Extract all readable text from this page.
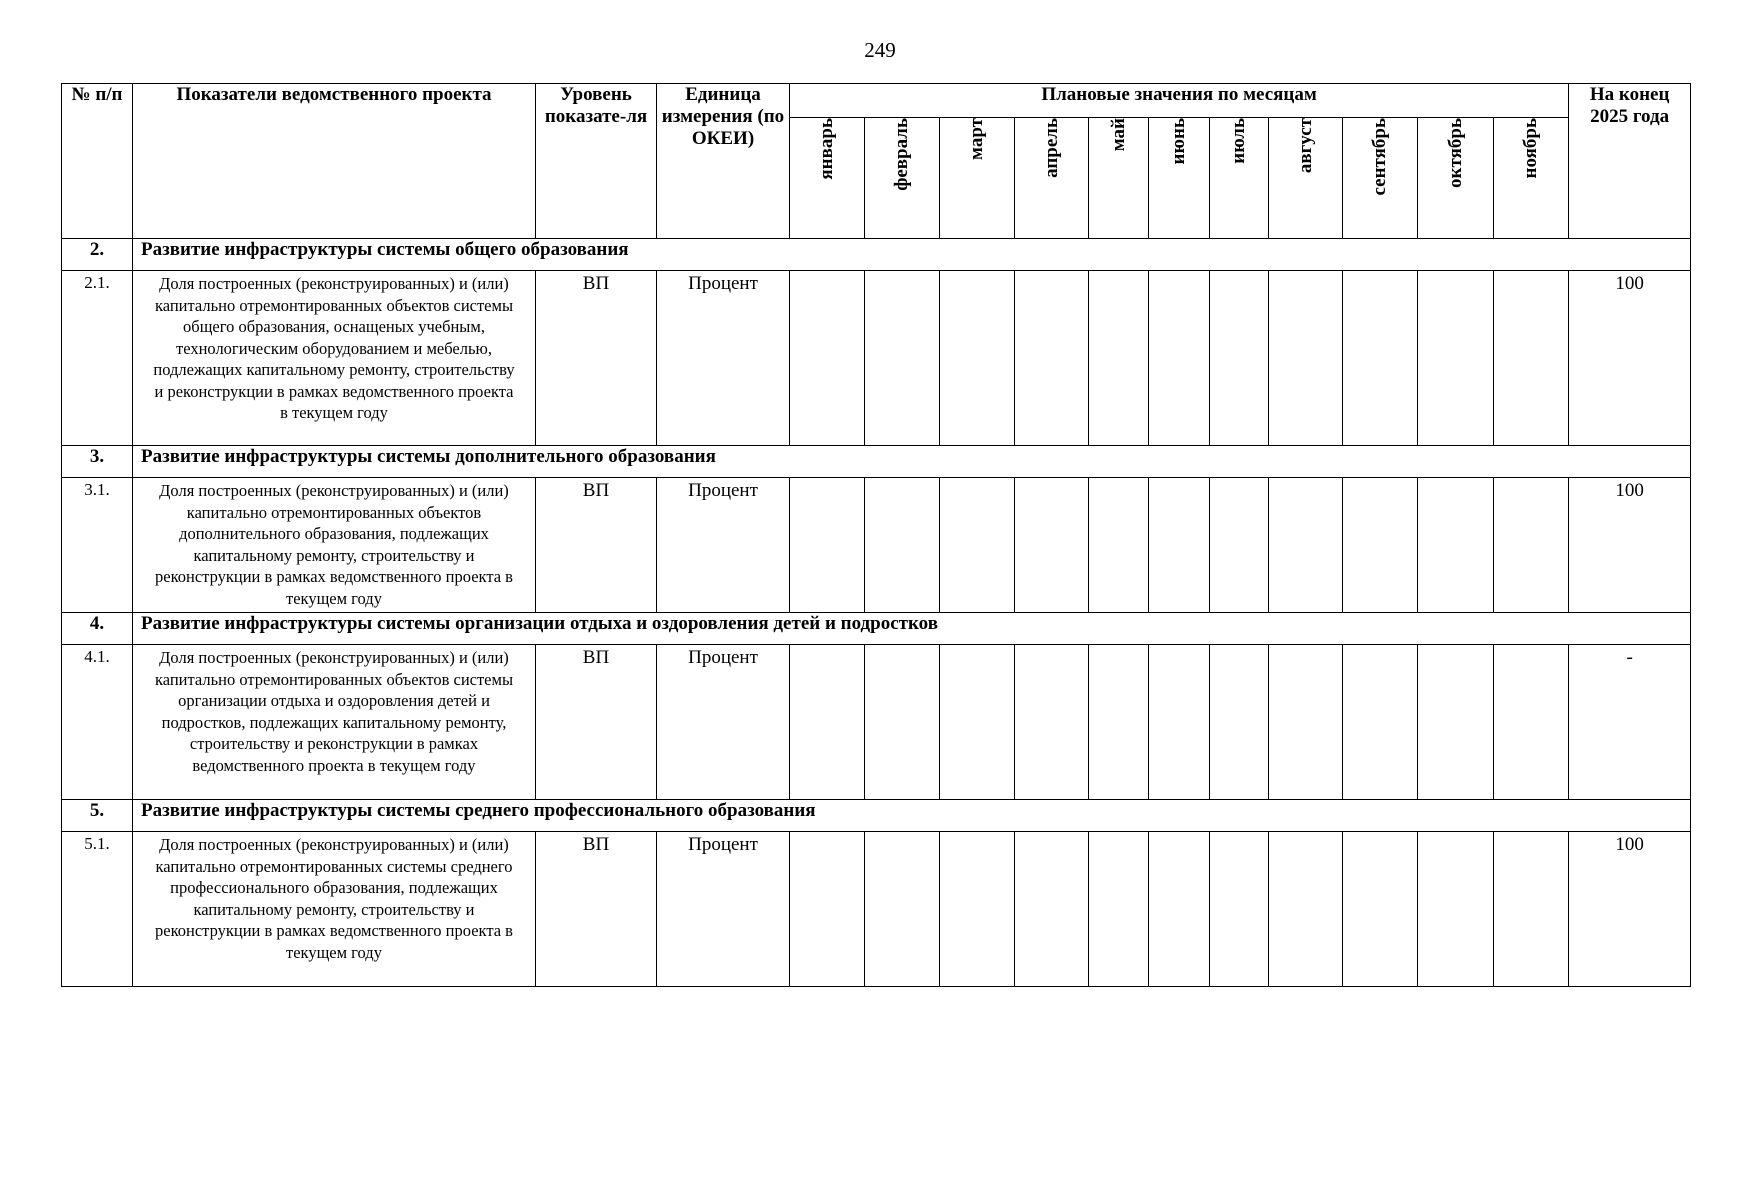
249
№ п/п	Показатели ведомственного проекта	Уровень показате-ля	Единица измерения (по ОКЕИ)	Плановые значения по месяцам											На конец 2025 года
				январь	февраль	март	апрель	май	июнь	июль	август	сентябрь	октябрь	ноябрь	
2.	Развитие инфраструктуры системы общего образования														
2.1.	Доля построенных (реконструированных) и (или) капитально отремонтированных объектов системы общего образования, оснащеных учебным, технологическим оборудованием и мебелью, подлежащих капитальному ремонту, строительству и реконструкции в рамках ведомственного проекта в текущем году	ВП	Процент												100
3.	Развитие инфраструктуры системы дополнительного образования														
3.1.	Доля построенных (реконструированных) и (или) капитально отремонтированных объектов дополнительного образования, подлежащих капитальному ремонту, строительству и реконструкции в рамках ведомственного проекта в текущем году	ВП	Процент												100
4.	Развитие инфраструктуры системы организации отдыха и оздоровления детей и подростков														
4.1.	Доля построенных (реконструированных) и (или) капитально отремонтированных объектов системы организации отдыха и оздоровления детей и подростков, подлежащих капитальному ремонту, строительству и реконструкции в рамках ведомственного проекта в текущем году	ВП	Процент												-
5.	Развитие инфраструктуры системы среднего профессионального образования														
5.1.	Доля построенных (реконструированных) и (или) капитально отремонтированных системы среднего профессионального образования, подлежащих капитальному ремонту, строительству и реконструкции в рамках ведомственного проекта в текущем году	ВП	Процент												100
